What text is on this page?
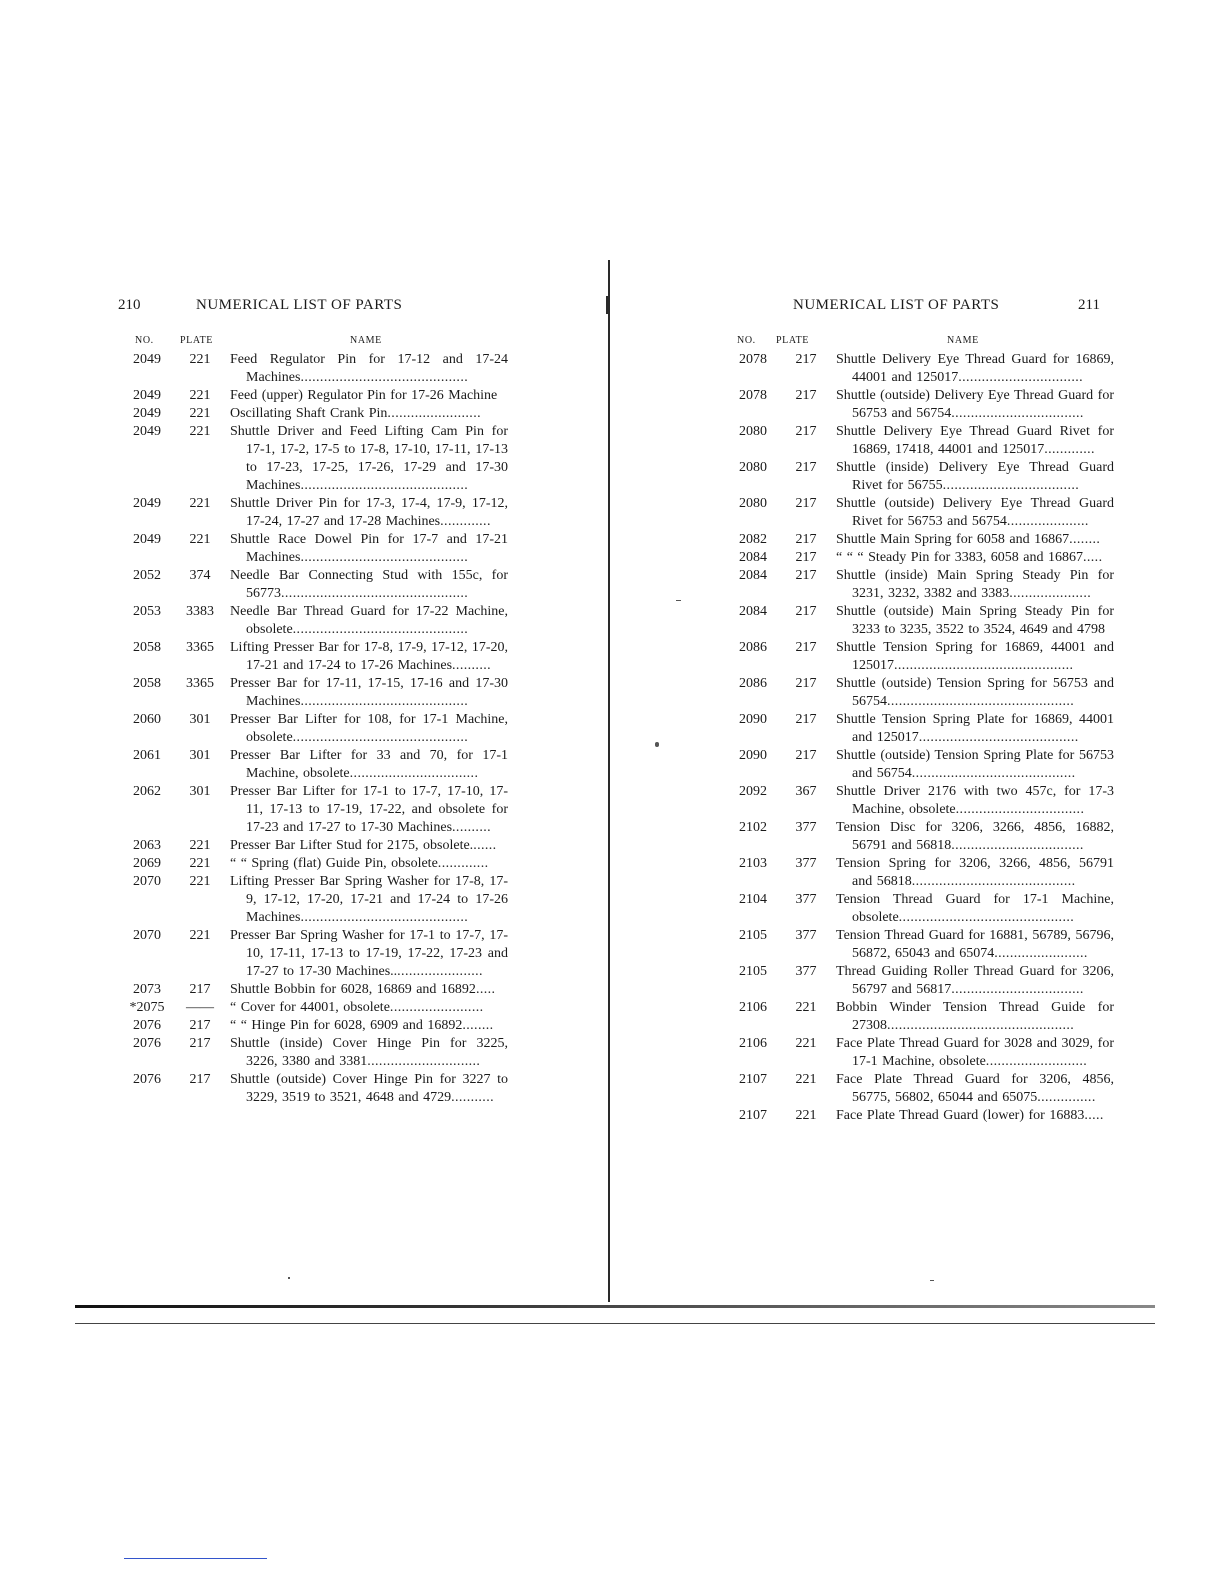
210	NUMERICAL LIST OF PARTS
NO.	PLATE	NAME
2049	221	Feed Regulator Pin for 17-12 and 17-24 Machines...........................................
2049	221	Feed (upper) Regulator Pin for 17-26 Machine
2049	221	Oscillating Shaft Crank Pin........................
2049	221	Shuttle Driver and Feed Lifting Cam Pin for 17-1, 17-2, 17-5 to 17-8, 17-10, 17-11, 17-13 to 17-23, 17-25, 17-26, 17-29 and 17-30 Machines...........................................
2049	221	Shuttle Driver Pin for 17-3, 17-4, 17-9, 17-12, 17-24, 17-27 and 17-28 Machines.............
2049	221	Shuttle Race Dowel Pin for 17-7 and 17-21 Machines...........................................
2052	374	Needle Bar Connecting Stud with 155c, for 56773................................................
2053	3383	Needle Bar Thread Guard for 17-22 Machine, obsolete.............................................
2058	3365	Lifting Presser Bar for 17-8, 17-9, 17-12, 17-20, 17-21 and 17-24 to 17-26 Machines..........
2058	3365	Presser Bar for 17-11, 17-15, 17-16 and 17-30 Machines...........................................
2060	301	Presser Bar Lifter for 108, for 17-1 Machine, obsolete.............................................
2061	301	Presser Bar Lifter for 33 and 70, for 17-1 Machine, obsolete.................................
2062	301	Presser Bar Lifter for 17-1 to 17-7, 17-10, 17-11, 17-13 to 17-19, 17-22, and obsolete for 17-23 and 17-27 to 17-30 Machines..........
2063	221	Presser Bar Lifter Stud for 2175, obsolete.......
2069	221	“ “ Spring (flat) Guide Pin, obsolete.............
2070	221	Lifting Presser Bar Spring Washer for 17-8, 17-9, 17-12, 17-20, 17-21 and 17-24 to 17-26 Machines...........................................
2070	221	Presser Bar Spring Washer for 17-1 to 17-7, 17-10, 17-11, 17-13 to 17-19, 17-22, 17-23 and 17-27 to 17-30 Machines........................
2073	217	Shuttle Bobbin for 6028, 16869 and 16892.....
*2075	——	“ Cover for 44001, obsolete........................
2076	217	“ “ Hinge Pin for 6028, 6909 and 16892........
2076	217	Shuttle (inside) Cover Hinge Pin for 3225, 3226, 3380 and 3381.............................
2076	217	Shuttle (outside) Cover Hinge Pin for 3227 to 3229, 3519 to 3521, 4648 and 4729...........
NUMERICAL LIST OF PARTS	211
NO. PLATE	NAME
2078	217	Shuttle Delivery Eye Thread Guard for 16869, 44001 and 125017................................
2078	217	Shuttle (outside) Delivery Eye Thread Guard for 56753 and 56754..................................
2080	217	Shuttle Delivery Eye Thread Guard Rivet for 16869, 17418, 44001 and 125017.............
2080	217	Shuttle (inside) Delivery Eye Thread Guard Rivet for 56755...................................
2080	217	Shuttle (outside) Delivery Eye Thread Guard Rivet for 56753 and 56754.....................
2082	217	Shuttle Main Spring for 6058 and 16867........
2084	217	“ “ “ Steady Pin for 3383, 6058 and 16867.....
2084	217	Shuttle (inside) Main Spring Steady Pin for 3231, 3232, 3382 and 3383.....................
2084	217	Shuttle (outside) Main Spring Steady Pin for 3233 to 3235, 3522 to 3524, 4649 and 4798
2086	217	Shuttle Tension Spring for 16869, 44001 and 125017..............................................
2086	217	Shuttle (outside) Tension Spring for 56753 and 56754................................................
2090	217	Shuttle Tension Spring Plate for 16869, 44001 and 125017.........................................
2090	217	Shuttle (outside) Tension Spring Plate for 56753 and 56754..........................................
2092	367	Shuttle Driver 2176 with two 457c, for 17-3 Machine, obsolete.................................
2102	377	Tension Disc for 3206, 3266, 4856, 16882, 56791 and 56818..................................
2103	377	Tension Spring for 3206, 3266, 4856, 56791 and 56818..........................................
2104	377	Tension Thread Guard for 17-1 Machine, obsolete.............................................
2105	377	Tension Thread Guard for 16881, 56789, 56796, 56872, 65043 and 65074........................
2105	377	Thread Guiding Roller Thread Guard for 3206, 56797 and 56817..................................
2106	221	Bobbin Winder Tension Thread Guide for 27308................................................
2106	221	Face Plate Thread Guard for 3028 and 3029, for 17-1 Machine, obsolete..........................
2107	221	Face Plate Thread Guard for 3206, 4856, 56775, 56802, 65044 and 65075...............
2107	221	Face Plate Thread Guard (lower) for 16883.....
